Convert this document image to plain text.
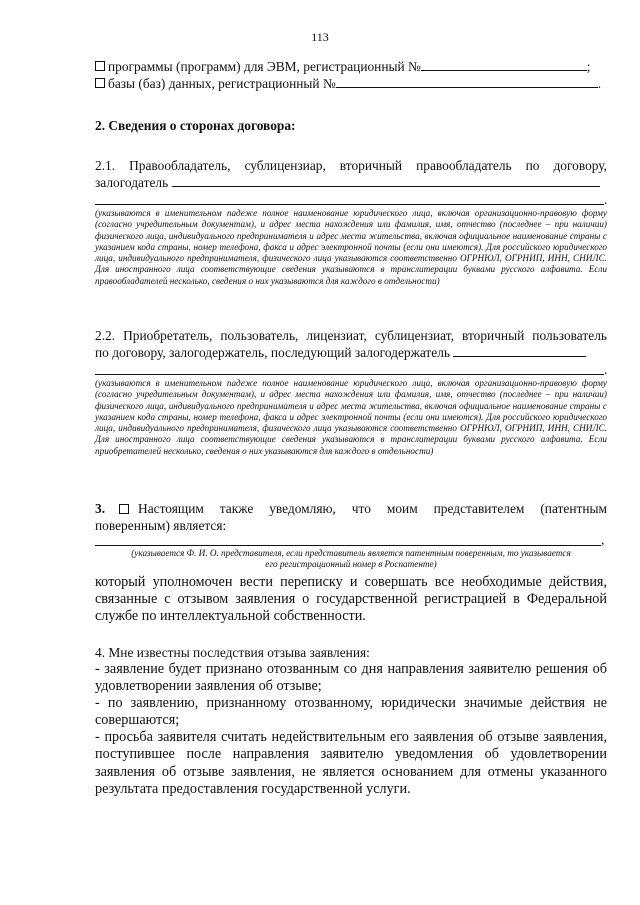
113
программы (программ) для ЭВМ, регистрационный №	;
базы (баз) данных, регистрационный №	.
2. Сведения о сторонах договора:
2.1. Правообладатель, сублицензиар, вторичный правообладатель по договору,
залогодатель
.
(указываются в именительном падеже полное наименование юридического лица, включая организационно-правовую форму (согласно учредительным документам), и адрес места нахождения или фамилия, имя, отчество (последнее – при наличии) физического лица, индивидуального предпринимателя и адрес места жительства, включая официальное наименование страны с указанием кода страны, номер телефона, факса и адрес электронной почты (если они имеются). Для российского юридического лица, индивидуального предпринимателя, физического лица указываются соответственно ОГРНЮЛ, ОГРНИП, ИНН, СНИЛС. Для иностранного лица соответствующие сведения указываются в транслитерации буквами русского алфавита. Если правообладателей несколько, сведения о них указываются для каждого в отдельности)
2.2. Приобретатель, пользователь, лицензиат, сублицензиат, вторичный пользователь
по договору, залогодержатель, последующий залогодержатель
.
(указываются в именительном падеже полное наименование юридического лица, включая организационно-правовую форму (согласно учредительным документам), и адрес места нахождения или фамилия, имя, отчество (последнее – при наличии) физического лица, индивидуального предпринимателя и адрес места жительства, включая официальное наименование страны с указанием кода страны, номер телефона, факса и адрес электронной почты (если они имеются). Для российского юридического лица, индивидуального предпринимателя, физического лица указываются соответственно ОГРНЮЛ, ОГРНИП, ИНН, СНИЛС. Для иностранного лица соответствующие сведения указываются в транслитерации буквами русского алфавита. Если приобретателей несколько, сведения о них указываются для каждого в отдельности)
3. Настоящим также уведомляю, что моим представителем (патентным
поверенным) является:
,
(указывается Ф. И. О. представителя, если представитель является патентным поверенным, то указывается
его регистрационный номер в Роспатенте)
который уполномочен вести переписку и совершать все необходимые действия, связанные с отзывом заявления о государственной регистрацией в Федеральной службе по интеллектуальной собственности.
4. Мне известны последствия отзыва заявления:
- заявление будет признано отозванным со дня направления заявителю решения об удовлетворении заявления об отзыве;
- по заявлению, признанному отозванному, юридически значимые действия не совершаются;
- просьба заявителя считать недействительным его заявления об отзыве заявления, поступившее после направления заявителю уведомления об удовлетворении заявления об отзыве заявления, не является основанием для отмены указанного результата предоставления государственной услуги.
